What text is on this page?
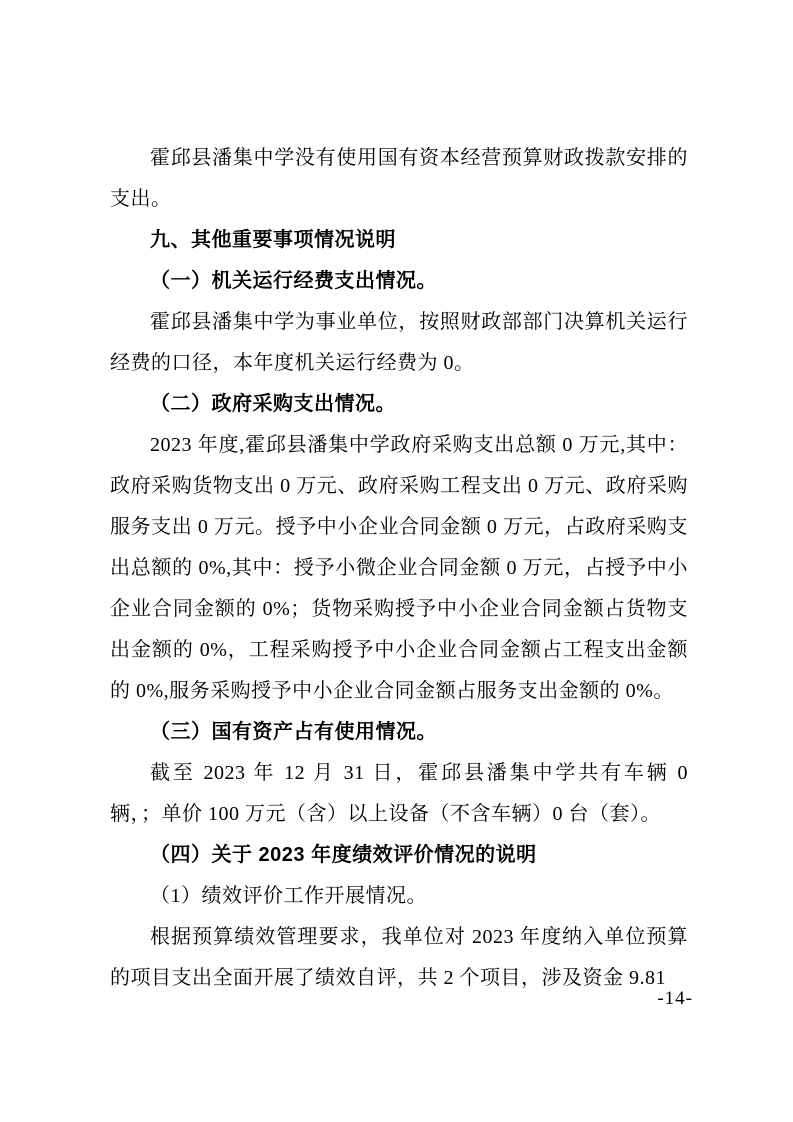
霍邱县潘集中学没有使用国有资本经营预算财政拨款安排的支出。

九、其他重要事项情况说明

（一）机关运行经费支出情况。

霍邱县潘集中学为事业单位，按照财政部部门决算机关运行经费的口径，本年度机关运行经费为 0。

（二）政府采购支出情况。

2023 年度,霍邱县潘集中学政府采购支出总额 0 万元,其中：政府采购货物支出 0 万元、政府采购工程支出 0 万元、政府采购服务支出 0 万元。授予中小企业合同金额 0 万元，占政府采购支出总额的 0%,其中：授予小微企业合同金额 0 万元，占授予中小企业合同金额的 0%；货物采购授予中小企业合同金额占货物支出金额的 0%，工程采购授予中小企业合同金额占工程支出金额的 0%,服务采购授予中小企业合同金额占服务支出金额的 0%。

（三）国有资产占有使用情况。

截至 2023 年 12 月 31 日，霍邱县潘集中学共有车辆 0 辆，；单价 100 万元（含）以上设备（不含车辆）0 台（套）。

（四）关于 2023 年度绩效评价情况的说明

（1）绩效评价工作开展情况。

根据预算绩效管理要求，我单位对 2023 年度纳入单位预算的项目支出全面开展了绩效自评，共 2 个项目，涉及资金 9.81

-14-
